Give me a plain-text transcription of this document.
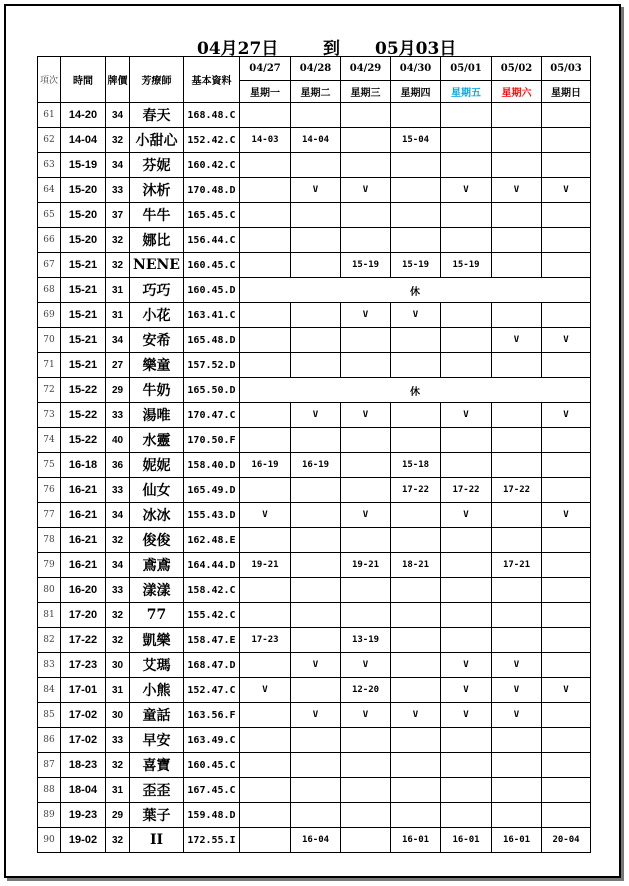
04月27日	到 05月03日
項次	時間	牌價	芳療師	基本資料	04/27	04/28	04/29	04/30	05/01	05/02	05/03
					星期一	星期二	星期三	星期四	星期五	星期六	星期日
61	14-20	34	春天	168.48.C							
62	14-04	32	小甜心	152.42.C	14-03	14-04		15-04			
63	15-19	34	芬妮	160.42.C							
64	15-20	33	沐析	170.48.D		V	V		V	V	V
65	15-20	37	牛牛	165.45.C							
66	15-20	32	娜比	156.44.C							
67	15-21	32	NENE	160.45.C			15-19	15-19	15-19		
68	15-21	31	巧巧	160.45.D	休						
69	15-21	31	小花	163.41.C			V	V			
70	15-21	34	安希	165.48.D						V	V
71	15-21	27	樂童	157.52.D							
72	15-22	29	牛奶	165.50.D	休						
73	15-22	33	湯唯	170.47.C		V	V		V		V
74	15-22	40	水靈	170.50.F							
75	16-18	36	妮妮	158.40.D	16-19	16-19		15-18			
76	16-21	33	仙女	165.49.D				17-22	17-22	17-22	
77	16-21	34	冰冰	155.43.D	V		V		V		V
78	16-21	32	俊俊	162.48.E							
79	16-21	34	鳶鳶	164.44.D	19-21		19-21	18-21		17-21	
80	16-20	33	漾漾	158.42.C							
81	17-20	32	77	155.42.C							
82	17-22	32	凱樂	158.47.E	17-23		13-19				
83	17-23	30	艾瑪	168.47.D		V	V		V	V	
84	17-01	31	小熊	152.47.C	V		12-20		V	V	V
85	17-02	30	童話	163.56.F		V	V	V	V	V	
86	17-02	33	早安	163.49.C							
87	18-23	32	喜寶	160.45.C							
88	18-04	31	歪歪	167.45.C							
89	19-23	29	葉子	159.48.D							
90	19-02	32	II	172.55.I		16-04		16-01	16-01	16-01	20-04
